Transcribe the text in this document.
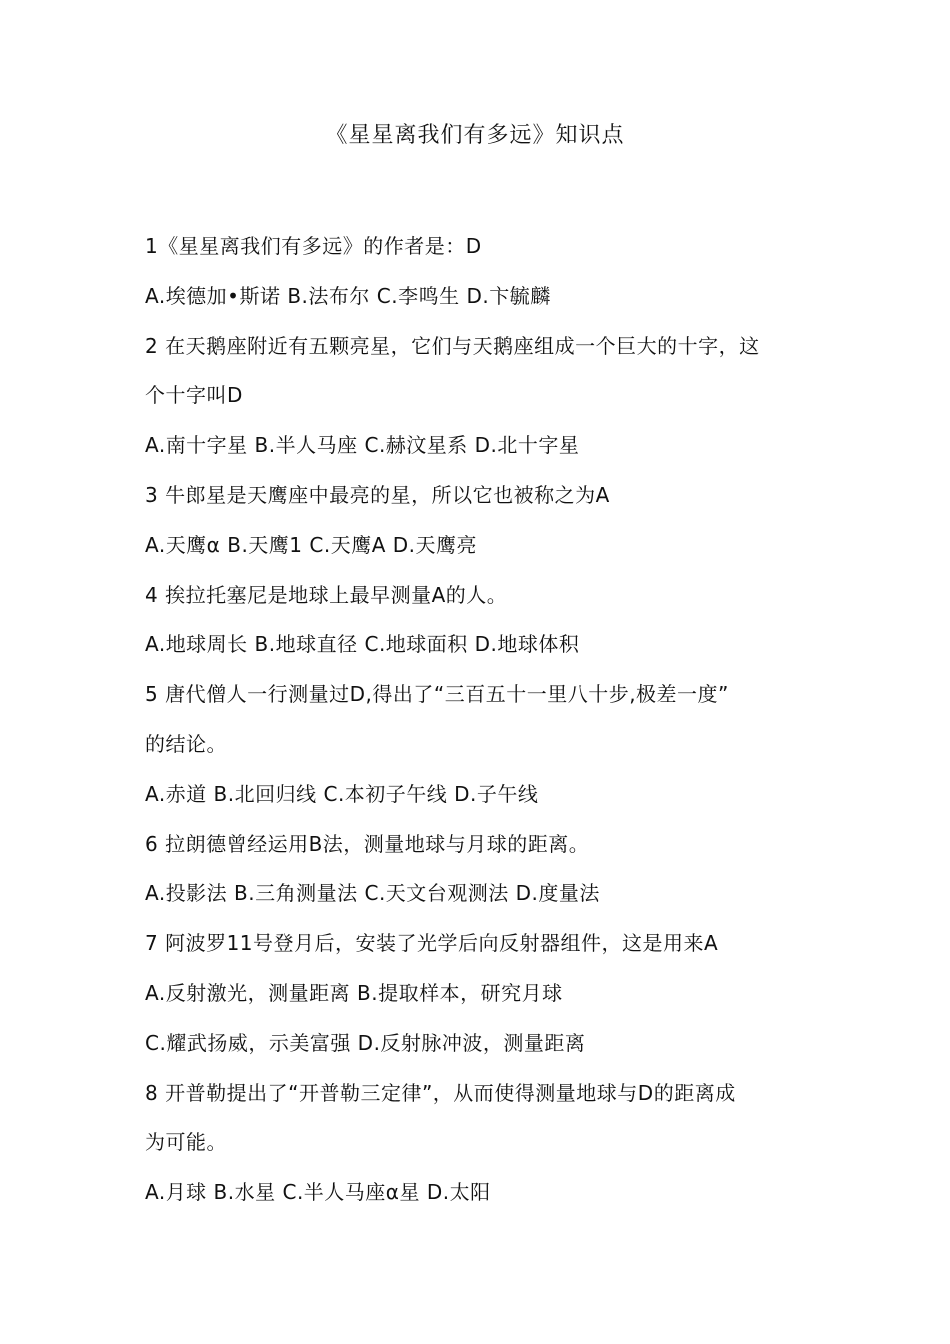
《星星离我们有多远》知识点
1《星星离我们有多远》的作者是：D
A.埃德加•斯诺 B.法布尔 C.李鸣生 D.卞毓麟
2 在天鹅座附近有五颗亮星，它们与天鹅座组成一个巨大的十字，这
个十字叫D
A.南十字星 B.半人马座 C.赫汶星系 D.北十字星
3 牛郎星是天鹰座中最亮的星，所以它也被称之为A
A.天鹰α B.天鹰1 C.天鹰A D.天鹰亮
4 挨拉托塞尼是地球上最早测量A的人。
A.地球周长 B.地球直径 C.地球面积 D.地球体积
5 唐代僧人一行测量过D,得出了“三百五十一里八十步,极差一度”
的结论。
A.赤道 B.北回归线 C.本初子午线 D.子午线
6 拉朗德曾经运用B法，测量地球与月球的距离。
A.投影法 B.三角测量法 C.天文台观测法 D.度量法
7 阿波罗11号登月后，安装了光学后向反射器组件，这是用来A
A.反射激光，测量距离 B.提取样本，研究月球
C.耀武扬威，示美富强 D.反射脉冲波，测量距离
8 开普勒提出了“开普勒三定律”，从而使得测量地球与D的距离成
为可能。
A.月球 B.水星 C.半人马座α星 D.太阳
